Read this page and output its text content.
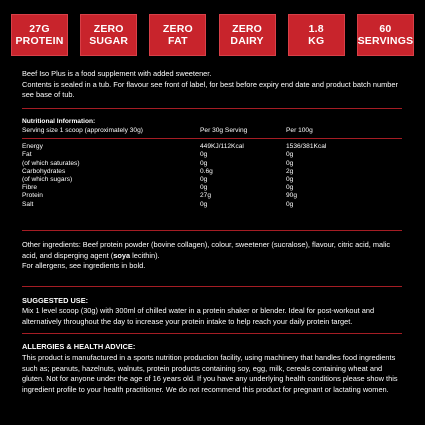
27G
PROTEIN
ZERO
SUGAR
ZERO
FAT
ZERO
DAIRY
1.8
KG
60
SERVINGS
Beef Iso Plus is a food supplement with added sweetener.
Contents is sealed in a tub. For flavour see front of label, for best before expiry end date and product batch number see base of tub.
Nutritional Information:
Serving size 1 scoop (approximately 30g)	Per 30g Serving	Per 100g
Energy	449KJ/112Kcal	1536/381Kcal
Fat	0g	0g
(of which saturates)	0g	0g
Carbohydrates	0.6g	2g
(of which sugars)	0g	0g
Fibre	0g	0g
Protein	27g	90g
Salt	0g	0g
Other ingredients: Beef protein powder (bovine collagen), colour, sweetener (sucralose), flavour, citric acid, malic acid, and disperging agent (soya lecithin).
For allergens, see ingredients in bold.
SUGGESTED USE:
Mix 1 level scoop (30g) with 300ml of chilled water in a protein shaker or blender. Ideal for post-workout and alternatively throughout the day to increase your protein intake to help reach your daily protein target.
ALLERGIES & HEALTH ADVICE:
This product is manufactured in a sports nutrition production facility, using machinery that handles food ingredients such as; peanuts, hazelnuts, walnuts, protein products containing soy, egg, milk, cereals containing wheat and gluten. Not for anyone under the age of 16 years old. If you have any underlying health conditions please show this ingredient profile to your health practitioner. We do not recommend this product for pregnant or lactating women.
